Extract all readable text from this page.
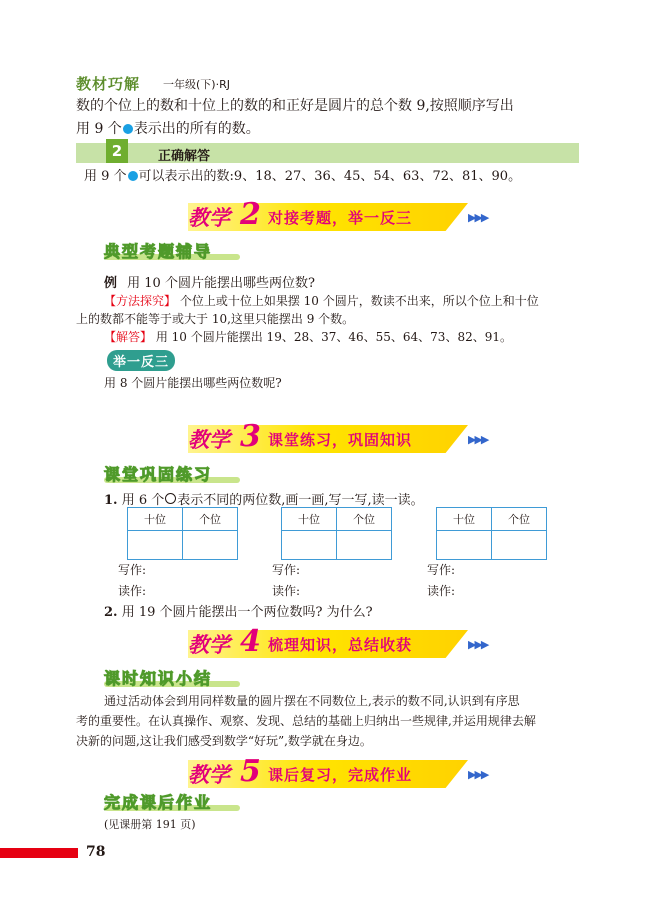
教材巧解 一年级(下)·RJ
数的个位上的数和十位上的数的和正好是圆片的总个数 9,按照顺序写出
用 9 个 表示出的所有的数。
2	正确解答
用 9 个 可以表示出的数:9、18、27、36、45、54、63、72、81、90。
教学 2 对接考题，举一反三	▶▶▶
典型考题辅导
例 用 10 个圆片能摆出哪些两位数?
【方法探究】 个位上或十位上如果摆 10 个圆片，数读不出来，所以个位上和十位
上的数都不能等于或大于 10,这里只能摆出 9 个数。
【解答】 用 10 个圆片能摆出 19、28、37、46、55、64、73、82、91。
举一反三
用 8 个圆片能摆出哪些两位数呢?
教学 3 课堂练习，巩固知识	▶▶▶
课堂巩固练习
1. 用 6 个 表示不同的两位数,画一画,写一写,读一读。
十位	个位
		十位	个位
		十位	个位

写作:
读作:
写作:
读作:
写作:
读作:
2. 用 19 个圆片能摆出一个两位数吗? 为什么?
教学 4 梳理知识，总结收获	▶▶▶
课时知识小结
通过活动体会到用同样数量的圆片摆在不同数位上,表示的数不同,认识到有序思
考的重要性。在认真操作、观察、发现、总结的基础上归纳出一些规律,并运用规律去解
决新的问题,这让我们感受到数学“好玩”,数学就在身边。
教学 5 课后复习，完成作业	▶▶▶
完成课后作业
(见课册第 191 页)
78
